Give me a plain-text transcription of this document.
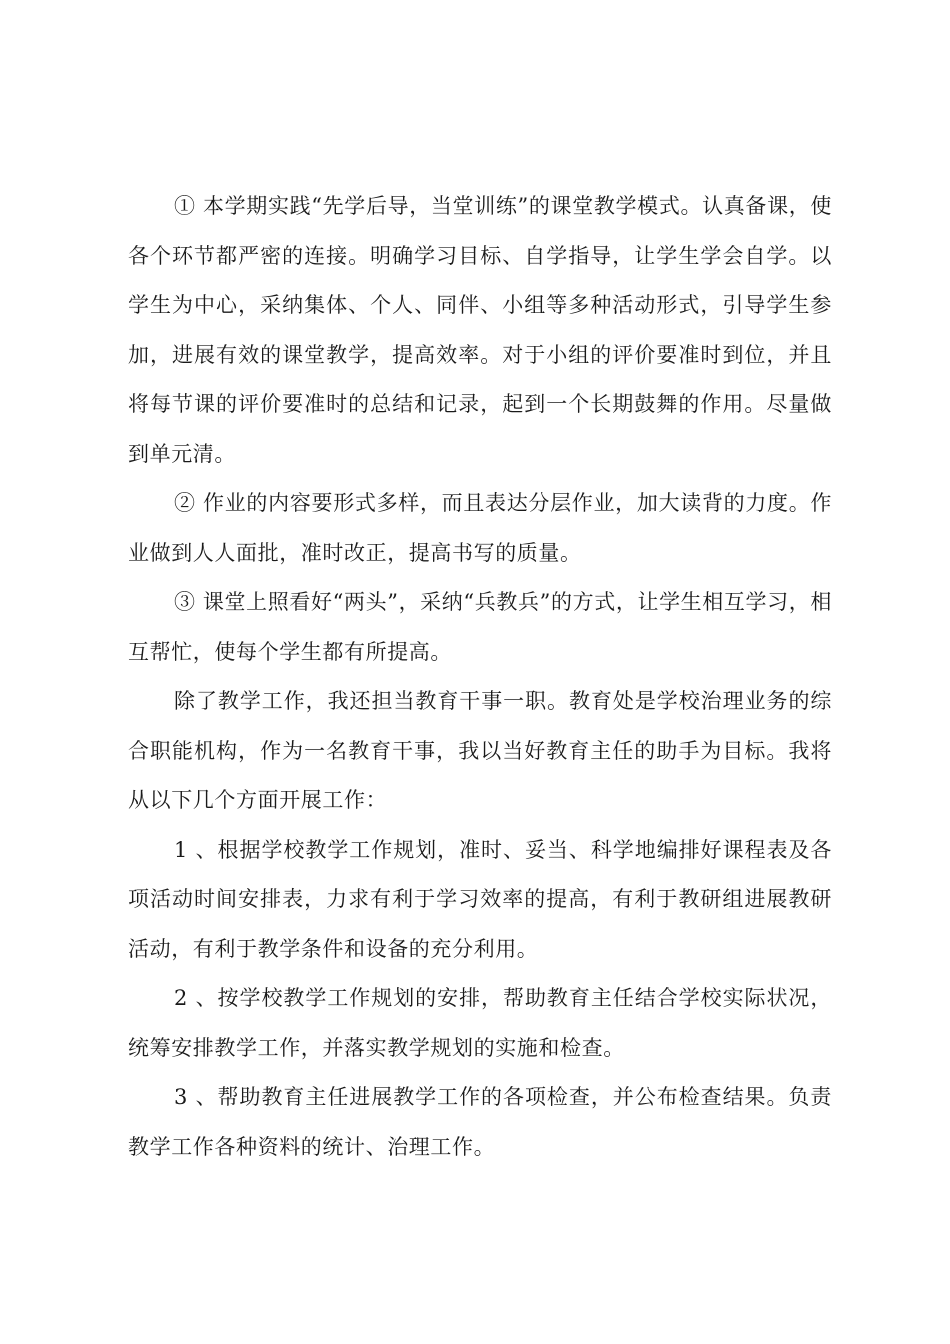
① 本学期实践“先学后导，当堂训练”的课堂教学模式。认真备课，使各个环节都严密的连接。明确学习目标、自学指导，让学生学会自学。以学生为中心，采纳集体、个人、同伴、小组等多种活动形式，引导学生参加，进展有效的课堂教学，提高效率。对于小组的评价要准时到位，并且将每节课的评价要准时的总结和记录，起到一个长期鼓舞的作用。尽量做到单元清。

② 作业的内容要形式多样，而且表达分层作业，加大读背的力度。作业做到人人面批，准时改正，提高书写的质量。

③ 课堂上照看好“两头”，采纳“兵教兵”的方式，让学生相互学习，相互帮忙，使每个学生都有所提高。

除了教学工作，我还担当教育干事一职。教育处是学校治理业务的综合职能机构，作为一名教育干事，我以当好教育主任的助手为目标。我将从以下几个方面开展工作：

1 、根据学校教学工作规划，准时、妥当、科学地编排好课程表及各项活动时间安排表，力求有利于学习效率的提高，有利于教研组进展教研活动，有利于教学条件和设备的充分利用。

2 、按学校教学工作规划的安排，帮助教育主任结合学校实际状况，统筹安排教学工作，并落实教学规划的实施和检查。

3 、帮助教育主任进展教学工作的各项检查，并公布检查结果。负责教学工作各种资料的统计、治理工作。
